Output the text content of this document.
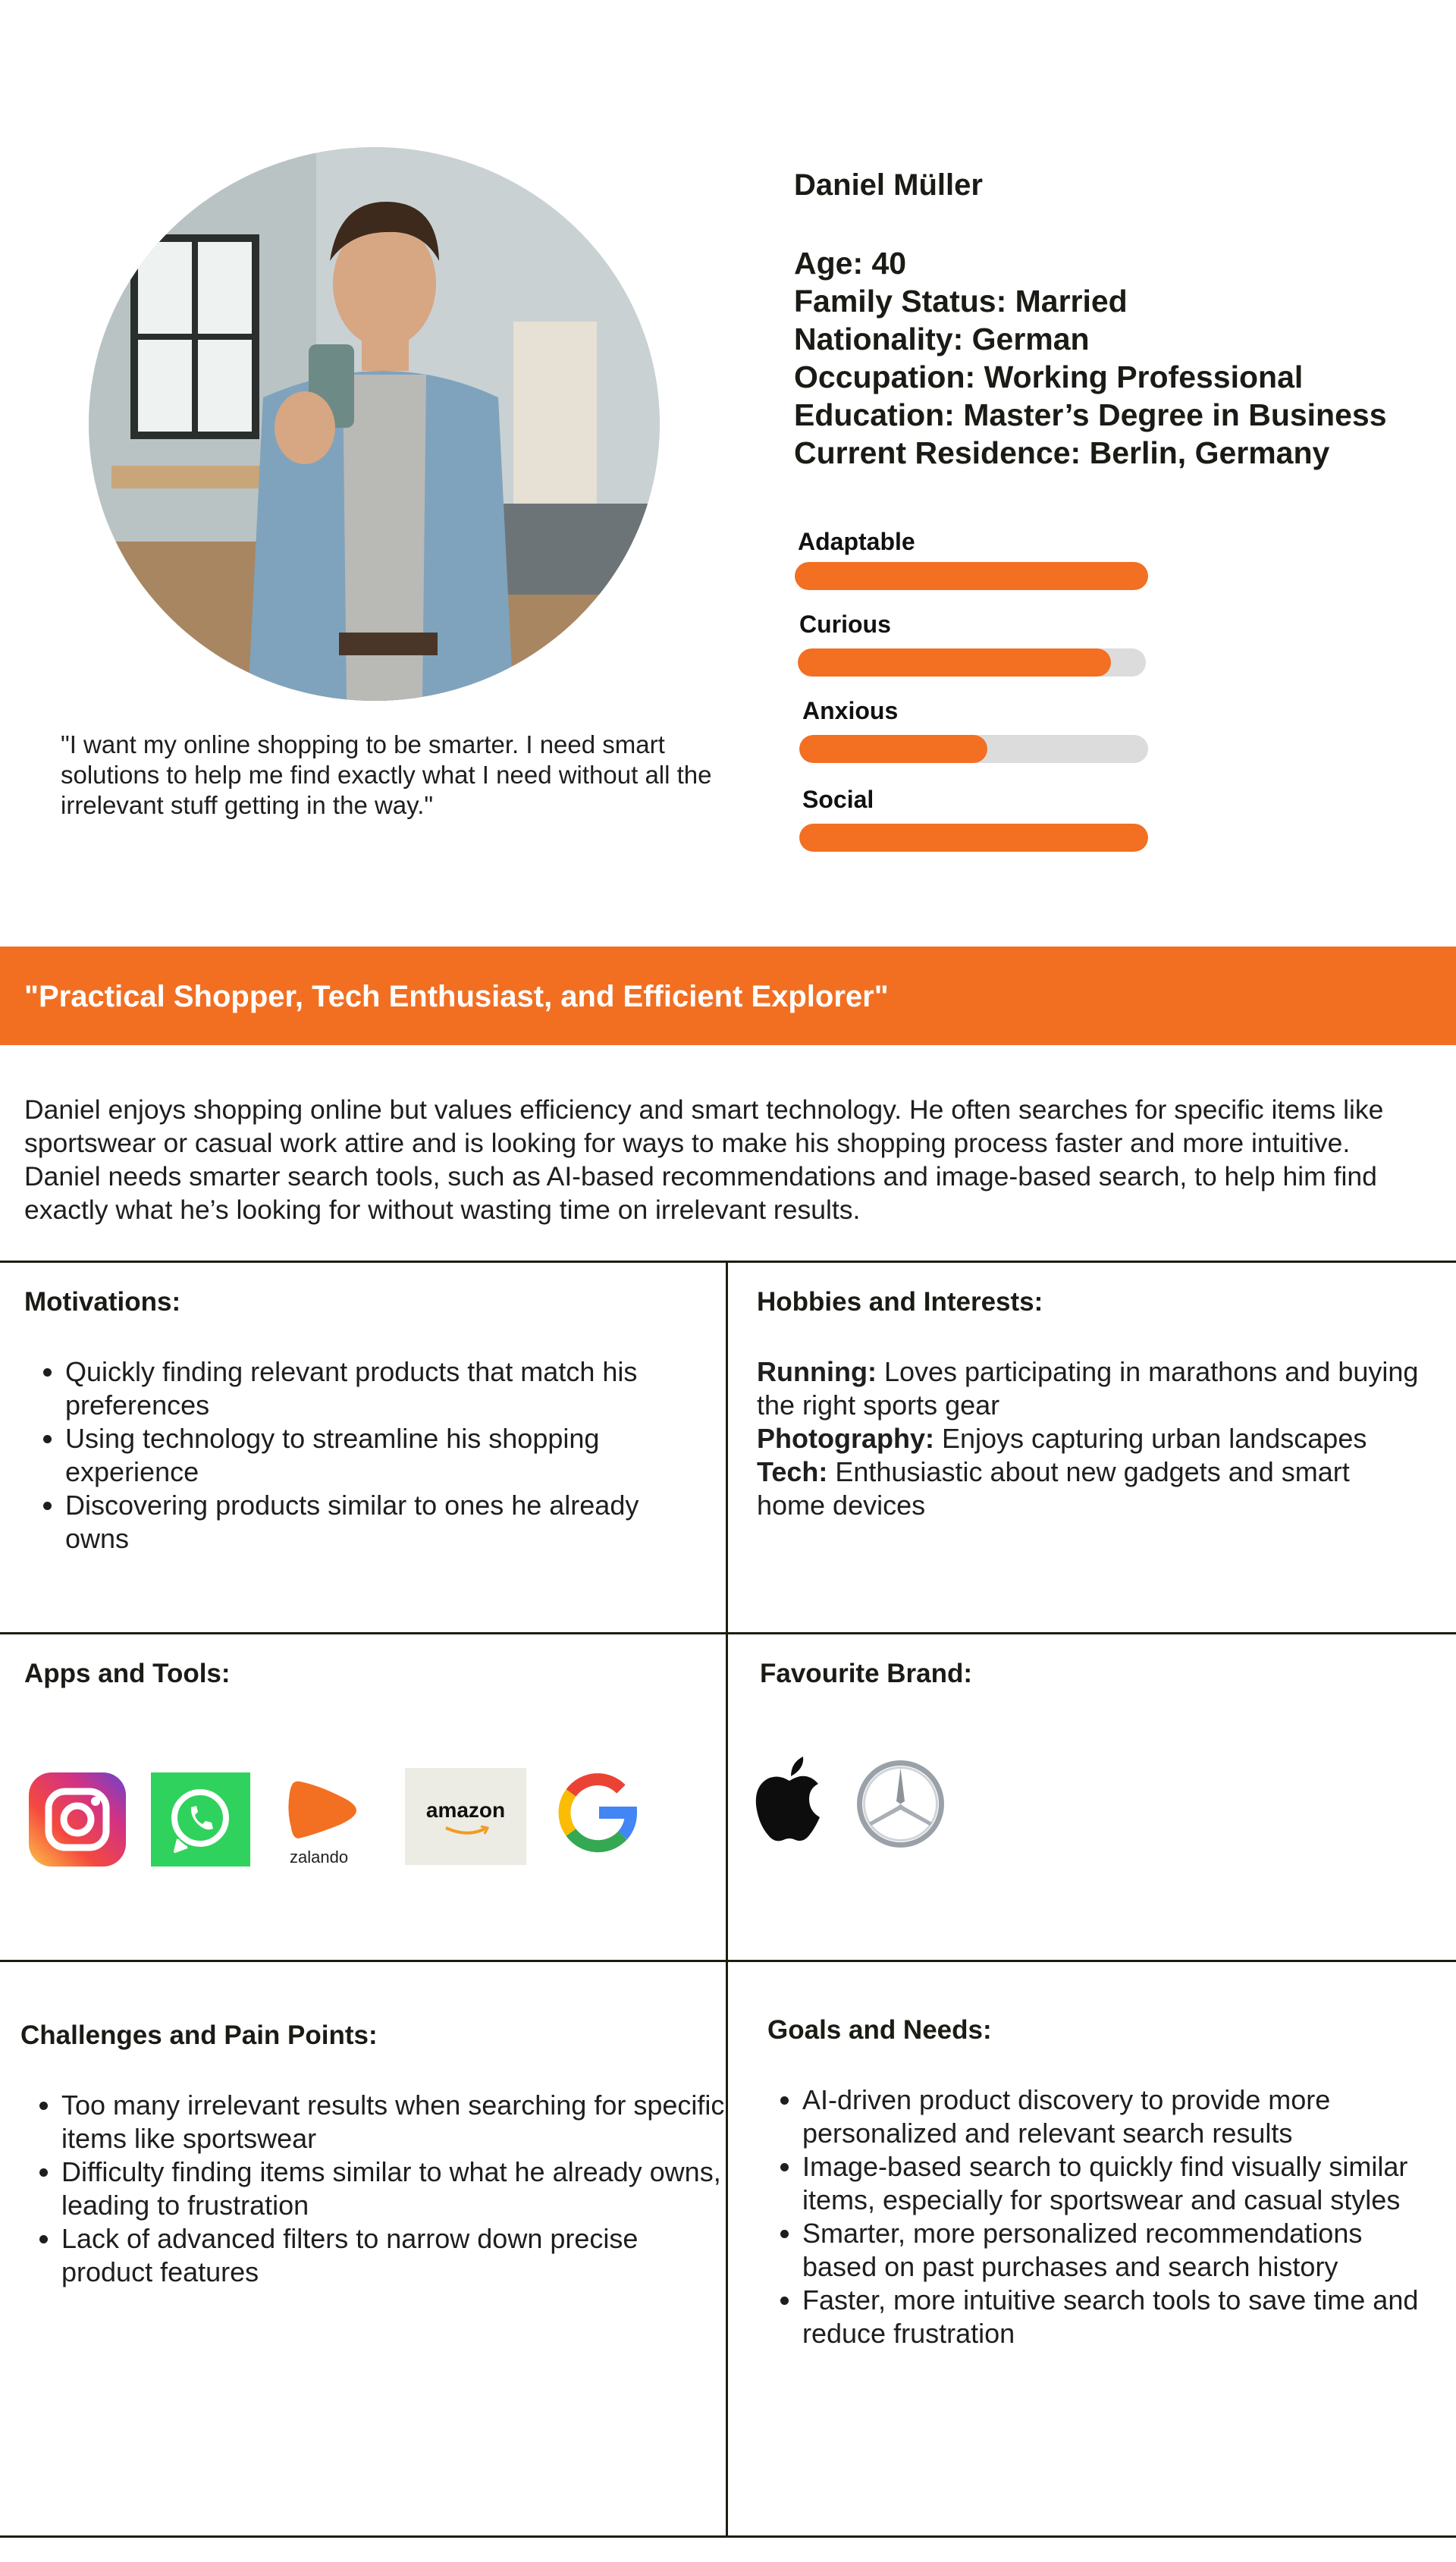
"I want my online shopping to be smarter. I need smart solutions to help me find exactly what I need without all the irrelevant stuff getting in the way."
Daniel Müller
Age: 40
Family Status: Married
Nationality: German
Occupation: Working Professional
Education: Master’s Degree in Business
Current Residence: Berlin, Germany
Adaptable
Curious
Anxious
Social
"Practical Shopper, Tech Enthusiast, and Efficient Explorer"
Daniel enjoys shopping online but values efficiency and smart technology. He often searches for specific items like sportswear or casual work attire and is looking for ways to make his shopping process faster and more intuitive. Daniel needs smarter search tools, such as AI-based recommendations and image-based search, to help him find exactly what he’s looking for without wasting time on irrelevant results.
Motivations:
• Quickly finding relevant products that match his preferences
• Using technology to streamline his shopping experience
• Discovering products similar to ones he already owns
Hobbies and Interests:
Running: Loves participating in marathons and buying the right sports gear
Photography: Enjoys capturing urban landscapes
Tech: Enthusiastic about new gadgets and smart home devices
Apps and Tools:
zalando
amazon
Favourite Brand:
Challenges and Pain Points:
• Too many irrelevant results when searching for specific items like sportswear
• Difficulty finding items similar to what he already owns, leading to frustration
• Lack of advanced filters to narrow down precise product features
Goals and Needs:
• AI-driven product discovery to provide more personalized and relevant search results
• Image-based search to quickly find visually similar items, especially for sportswear and casual styles
• Smarter, more personalized recommendations based on past purchases and search history
• Faster, more intuitive search tools to save time and reduce frustration
